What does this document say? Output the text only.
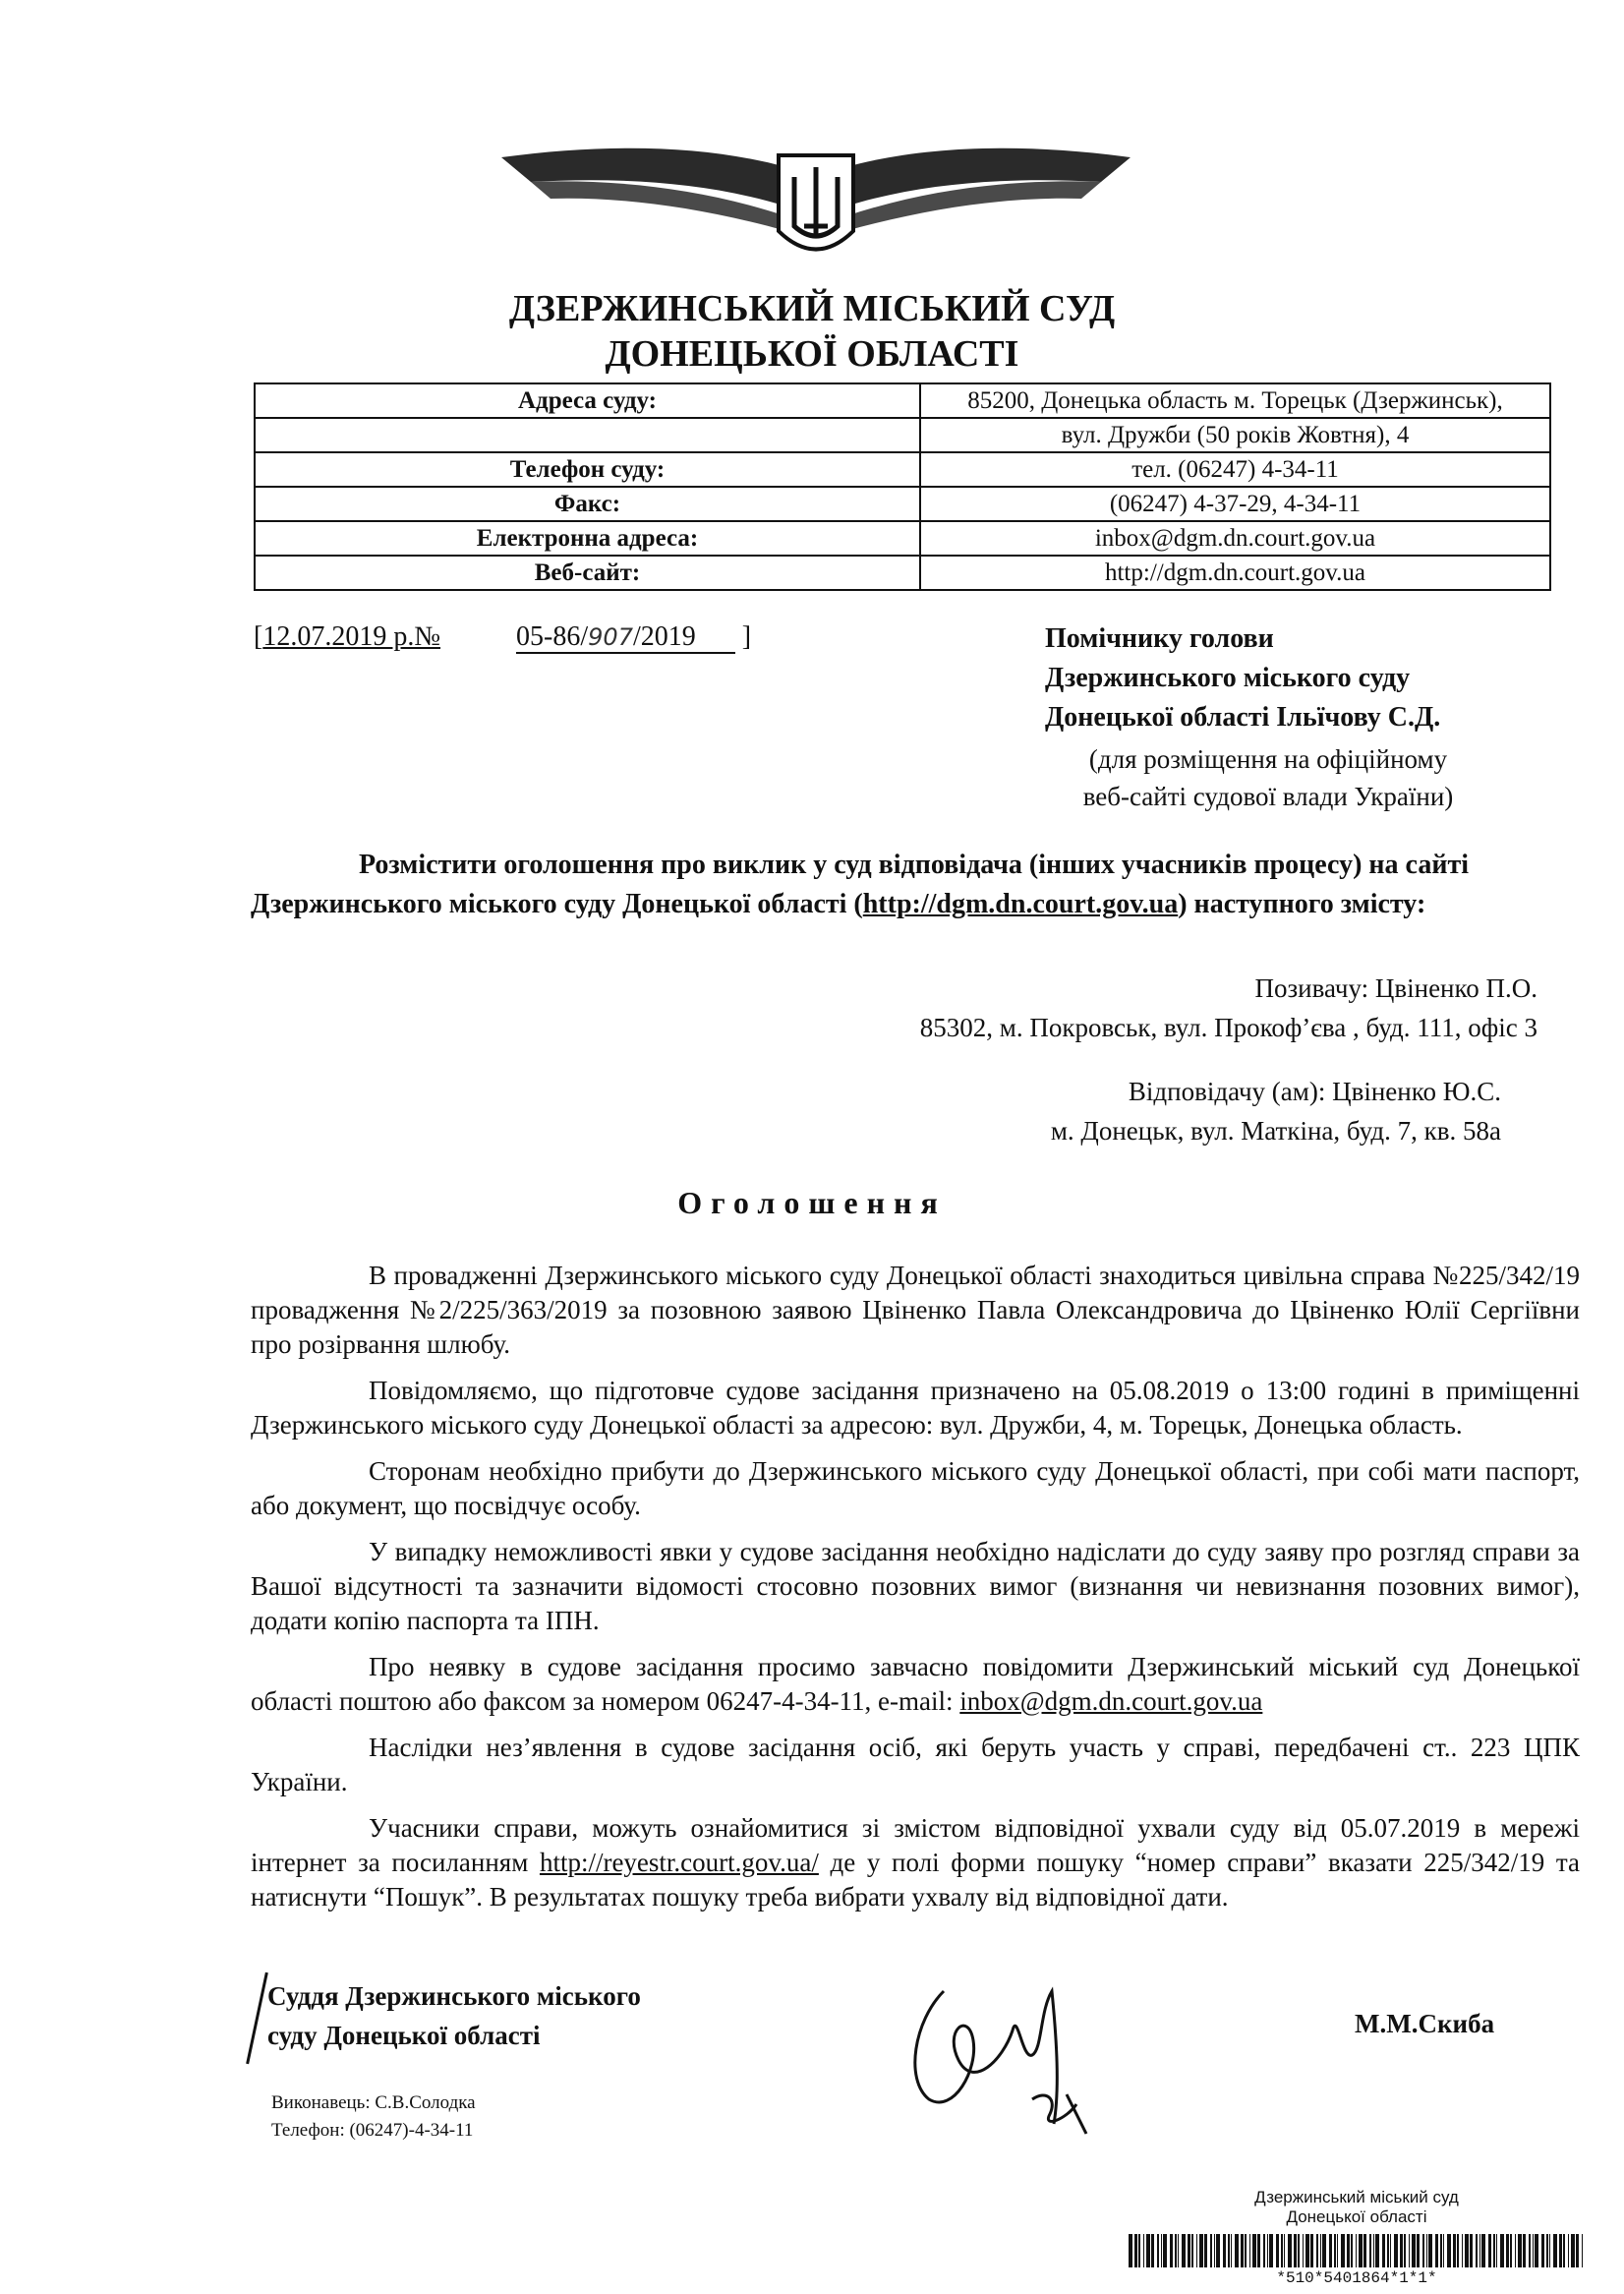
ДЗЕРЖИНСЬКИЙ МІСЬКИЙ СУД
ДОНЕЦЬКОЇ ОБЛАСТІ
Адреса суду:	85200, Донецька область м. Торецьк (Дзержинськ),
	вул. Дружби (50 років Жовтня), 4
Телефон суду:	тел. (06247) 4-34-11
Факс:	(06247) 4-37-29, 4-34-11
Електронна адреса:	inbox@dgm.dn.court.gov.ua
Веб-сайт:	http://dgm.dn.court.gov.ua
[12.07.2019 р.№	05-86/907/2019 ]	Помічнику голови
Дзержинського міського суду
Донецької області Ільїчову С.Д.
(для розміщення на офіційному
веб-сайті судової влади України)
Розмістити оголошення про виклик у суд відповідача (інших учасників процесу) на сайті
Дзержинського міського суду Донецької області (http://dgm.dn.court.gov.ua) наступного змісту:
Позивачу: Цвіненко П.О.
85302, м. Покровськ, вул. Прокоф’єва , буд. 111, офіс 3
Відповідачу (ам): Цвіненко Ю.С.
м. Донецьк, вул. Маткіна, буд. 7, кв. 58а
Оголошення

В провадженні Дзержинського міського суду Донецької області знаходиться цивільна справа №225/342/19 провадження №2/225/363/2019 за позовною заявою Цвіненко Павла Олександровича до Цвіненко Юлії Сергіївни про розірвання шлюбу.

Повідомляємо, що підготовче судове засідання призначено на 05.08.2019 о 13:00 годині в приміщенні Дзержинського міського суду Донецької області за адресою: вул. Дружби, 4, м. Торецьк, Донецька область.

Сторонам необхідно прибути до Дзержинського міського суду Донецької області, при собі мати паспорт, або документ, що посвідчує особу.

У випадку неможливості явки у судове засідання необхідно надіслати до суду заяву про розгляд справи за Вашої відсутності та зазначити відомості стосовно позовних вимог (визнання чи невизнання позовних вимог), додати копію паспорта та ІПН.

Про неявку в судове засідання просимо завчасно повідомити Дзержинський міський суд Донецької області поштою або факсом за номером 06247-4-34-11, e-mail: inbox@dgm.dn.court.gov.ua

Наслідки нез’явлення в судове засідання осіб, які беруть участь у справі, передбачені ст.. 223 ЦПК України.

Учасники справи, можуть ознайомитися зі змістом відповідної ухвали суду від 05.07.2019 в мережі інтернет за посиланням http://reyestr.court.gov.ua/ де у полі форми пошуку “номер справи” вказати 225/342/19 та натиснути “Пошук”. В результатах пошуку треба вибрати ухвалу від відповідної дати.

Суддя Дзержинського міського
суду Донецької області	М.М.Скиба
Виконавець: С.В.Солодка
Телефон: (06247)-4-34-11
Дзержинський міський суд
Донецької області
*510*5401864*1*1*
